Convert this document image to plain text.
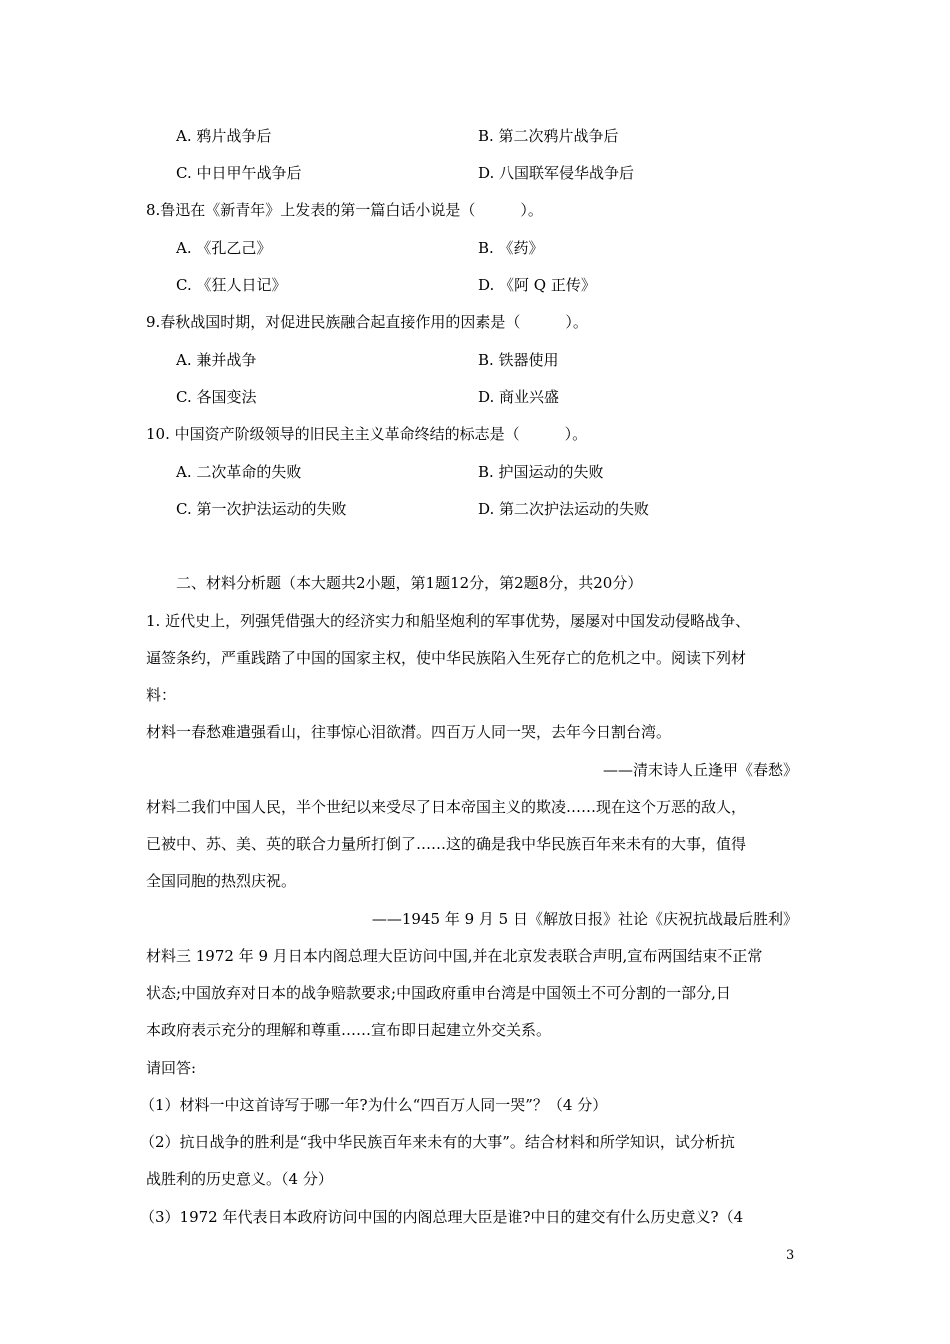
A. 鸦片战争后	B. 第二次鸦片战争后
C. 中日甲午战争后	D. 八国联军侵华战争后
8.鲁迅在《新青年》上发表的第一篇白话小说是（　　　）。
A. 《孔乙己》	B. 《药》
C. 《狂人日记》	D. 《阿 Q 正传》
9.春秋战国时期，对促进民族融合起直接作用的因素是（　　　）。
A. 兼并战争	B. 铁器使用
C. 各国变法	D. 商业兴盛
10. 中国资产阶级领导的旧民主主义革命终结的标志是（　　　）。
A. 二次革命的失败	B. 护国运动的失败
C. 第一次护法运动的失败	D. 第二次护法运动的失败
二、材料分析题（本大题共2小题，第1题12分，第2题8分，共20分）
1. 近代史上，列强凭借强大的经济实力和船坚炮利的军事优势，屡屡对中国发动侵略战争、
逼签条约，严重践踏了中国的国家主权，使中华民族陷入生死存亡的危机之中。阅读下列材
料：
材料一春愁难遣强看山，往事惊心泪欲潸。四百万人同一哭，去年今日割台湾。
——清末诗人丘逢甲《春愁》
材料二我们中国人民，半个世纪以来受尽了日本帝国主义的欺凌……现在这个万恶的敌人，
已被中、苏、美、英的联合力量所打倒了……这的确是我中华民族百年来未有的大事，值得
全国同胞的热烈庆祝。
——1945 年 9 月 5 日《解放日报》社论《庆祝抗战最后胜利》
材料三 1972 年 9 月日本内阁总理大臣访问中国,并在北京发表联合声明,宣布两国结束不正常
状态;中国放弃对日本的战争赔款要求;中国政府重申台湾是中国领土不可分割的一部分,日
本政府表示充分的理解和尊重……宣布即日起建立外交关系。
请回答:
（1）材料一中这首诗写于哪一年?为什么“四百万人同一哭”？（4 分）
（2）抗日战争的胜利是“我中华民族百年来未有的大事”。结合材料和所学知识，试分析抗
战胜利的历史意义。（4 分）
（3）1972 年代表日本政府访问中国的内阁总理大臣是谁?中日的建交有什么历史意义?（4
3
